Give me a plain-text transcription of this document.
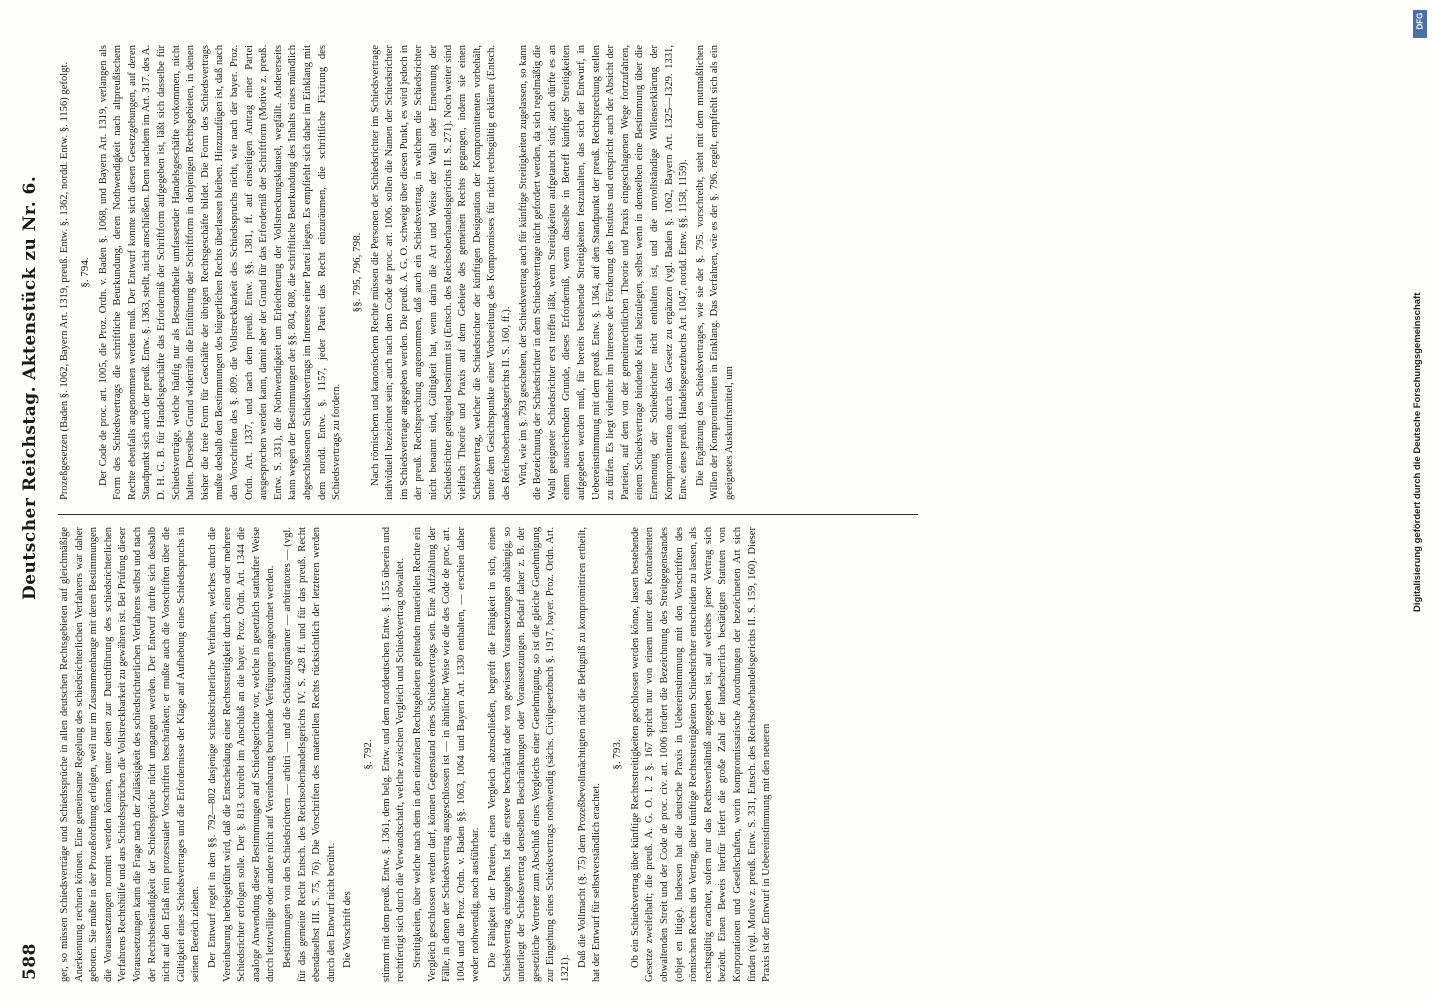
588
Deutscher Reichstag.
Aktenstück zu Nr. 6.

ger, so müssen Schiedsverträge und Schiedssprüche in allen deutschen Rechtsgebieten auf gleichmäßige Anerkennung rechnen können. Eine gemeinsame Regelung des schiedsrichterlichen Verfahrens war daher geboten. Sie mußte in der Prozeßordnung erfolgen, weil nur im Zusammenhange mit deren Bestimmungen die Voraussetzungen normirt werden können, unter denen zur Durchführung des schiedsrichterlichen Verfahrens Rechtshülfe und aus Schiedssprüchen die Vollstreckbarkeit zu gewähren ist. Bei Prüfung dieser Voraussetzungen kann die Frage nach der Zulässigkeit des schiedsrichterlichen Verfahrens selbst und nach der Rechtsbeständigkeit der Schiedssprüche nicht umgangen werden. Der Entwurf durfte sich deshalb nicht auf den Erlaß rein prozessualer Vorschriften beschränken; er mußte auch die Vorschriften über die Gültigkeit eines Schiedsvertrages und die Erfordernisse der Klage auf Aufhebung eines Schiedsspruchs in seinen Bereich ziehen. Der Entwurf regelt in den §§. 792—802 dasjenige schiedsrichterliche Verfahren, welches durch die Vereinbarung herbeigeführt wird, daß die Entscheidung einer Rechtsstreitigkeit durch einen oder mehrere Schiedsrichter erfolgen solle. Der §. 813 schreibt im Anschluß an die bayer. Proz. Ordn. Art. 1344 die analoge Anwendung dieser Bestimmungen auf Schiedsgerichte vor, welche in gesetzlich statthafter Weise durch letztwillige oder andere nicht auf Vereinbarung beruhende Verfügungen angeordnet werden. Bestimmungen von den Schiedsrichtern — arbitri — und die Schätzungmänner — arbitratores — (vgl. für das gemeine Recht Entsch. des Reichsoberhandelsgerichts IV. S. 428 ff. und für das preuß. Recht ebendaselbst III. S. 75, 76). Die Vorschriften des materiellen Rechts rücksichtlich der letzteren werden durch den Entwurf nicht berührt. Die Vorschrift des

§. 792. stimmt mit dem preuß. Entw. §. 1361, dem belg. Entw. und dem norddeutschen Entw. §. 1155 überein und rechtfertigt sich durch die Verwandtschaft, welche zwischen Vergleich und Schiedsvertrag obwaltet. Streitigkeiten, über welche nach dem in den einzelnen Rechtsgebieten geltenden materiellen Rechte ein Vergleich geschlossen werden darf, können Gegenstand eines Schiedsvertrags sein. Eine Aufzählung der Fälle, in denen der Schiedsvertrag ausgeschlossen ist — in ähnlicher Weise wie die des Code de proc. art. 1004 und die Proz. Ordn. v. Baden §§. 1063, 1064 und Bayern Art. 1330 enthalten, — erschien daher weder nothwendig, noch ausführbar. Die Fähigkeit der Parteien, einen Vergleich abzuschließen, begreift die Fähigkeit in sich, einen Schiedsvertrag einzugehen. Ist die ersteve beschränkt oder von gewissen Voraussetzungen abhängig, so unterliegt der Schiedsvertrag denselben Beschränkungen oder Voraussetzungen. Bedarf daher z. B. der gesetzliche Vertreter zum Abschluß eines Vergleichs einer Genehmigung, so ist die gleiche Genehmigung zur Eingehung eines Schiedsvertrags nothwendig (sächs. Civilgesetzbuch §. 1917, bayer. Proz. Ordn. Art. 1321).

Daß die Vollmacht (§. 75) dem Prozeßbevollmächtigten nicht die Befugniß zu kompromittiren ertheilt, hat der Entwurf für selbstverständlich erachtet.

§. 793. Ob ein Schiedsvertrag über künftige Rechtsstreitigkeiten geschlossen werden könne, lassen bestehende Gesetze zweifelhaft; die preuß. A. G. O. I. 2 §. 167 spricht nur von einem unter den Kontrahenten obwaltenden Streit und der Code de proc. civ. art. 1006 fordert die Bezeichnung des Streitgegenstandes (objet en litige). Indessen hat die deutsche Praxis in Uebereinstimmung mit den Vorschriften des römischen Rechts den Vertrag, über künftige Rechtsstreitigkeiten Schiedsrichter entscheiden zu lassen, als rechtsgültig erachtet, sofern nur das Rechtsverhältniß angegeben ist, auf welches jener Vertrag sich bezieht. Einen Beweis hierfür liefert die große Zahl der landesherrlich bestätigten Statuten von Korporationen und Gesellschaften, worin kompromissarische Anordnungen der bezeichneten Art sich finden (vgl. Motive z. preuß. Entw. S. 331, Entsch. des Reichsoberhandelsgerichts II. S. 159, 160). Dieser Praxis ist der Entwurf in Uebereinstimmung mit den neueren

Prozeßgesetzen (Baden §. 1062, Bayern Art. 1319, preuß. Entw. §. 1362, nordd. Entw. §. 1156) gefolgt. §. 794. Der Code de proc. art. 1005, die Proz. Ordn. v. Baden §. 1068, und Bayern Art. 1319, verlangen als Form des Schiedsvertrags die schriftliche Beurkundung, deren Nothwendigkeit nach altpreußischem Rechte ebenfalls angenommen werden muß. Der Entwurf konnte sich diesen Gesetzgebungen, auf deren Standpunkt sich auch der preuß. Entw. §. 1363, stellt, nicht anschließen. Denn nachdem im Art. 317. des A. D. H. G. B. für Handelsgeschäfte das Erforderniß der Schriftform aufgegeben ist, läßt sich dasselbe für Schiedsverträge, welche häufig nur als Bestandtheile umfassender Handelsgeschäfte vorkommen, nicht halten. Derselbe Grund widerräth die Einführung der Schriftform in denjenigen Rechtsgebieten, in denen bisher die freie Form für Geschäfte der übrigen Rechtsgeschäfte bildet. Die Form des Schiedsvertrags mußte deshalb den Bestimmungen des bürgerlichen Rechts überlassen bleiben. Hinzuzufügen ist, daß nach den Vorschriften des §. 809. die Vollstreckbarkeit des Schiedsspruchs nicht, wie nach der bayer. Proz. Ordn. Art. 1337, und nach dem preuß. Entw. §§. 1381, ff. auf einseitigen Antrag einer Partei ausgesprochen werden kann, damit aber der Grund für das Erforderniß der Schriftform (Motive z. preuß. Entw. S. 331), die Nothwendigkeit um Erleichterung der Vollstreckungsklausel, wegfällt. Andererseits kann wegen der Bestimmungen der §§. 804, 808, die schriftliche Beurkundung des Inhalts eines mündlich abgeschlossenen Schiedsvertrags im Interesse einer Partei liegen. Es empfiehlt sich daher im Einklang mit dem nordd. Entw. §. 1157, jeder Partei das Recht einzuräumen, die schriftliche Fixirung des Schiedsvertrags zu fordern.

§§. 795, 796, 798. Nach römischem und kanonischem Rechte müssen die Personen der Schiedsrichter im Schiedsvertrage individuell bezeichnet sein; auch nach dem Code de proc. art. 1006. sollen die Namen der Schiedsrichter im Schiedsvertrage angegeben werden. Die preuß. A. G. O. schweigt über diesen Punkt, es wird jedoch in der preuß. Rechtsprechung angenommen, daß auch ein Schiedsvertrag, in welchem die Schiedsrichter nicht benannt sind, Gültigkeit hat, wenn darin die Art und Weise der Wahl oder Ernennung der Schiedsrichter genügend bestimmt ist (Entsch. des Reichsoberhandelsgerichts II. S. 271). Noch weiter sind vielfach Theorie und Praxis auf dem Gebiete des gemeinen Rechts gegangen, indem sie einen Schiedsvertrag, welcher die Schiedsrichter der künftigen Designation der Kompromittenten vorbehält, unter dem Gesichtspunkte einer Vorbereitung des Kompromisses für nicht rechtsgültig erklären (Entsch. des Reichsoberhandelsgerichts II. S. 160, ff.). Wird, wie im §. 793 geschehen, der Schiedsvertrag auch für künftige Streitigkeiten zugelassen, so kann die Bezeichnung der Schiedsrichter in dem Schiedsvertrage nicht gefordert werden, da sich regelmäßig die Wahl geeigneter Schiedsrichter erst treffen läßt, wenn Streitigkeiten aufgetaucht sind; auch dürfte es an einem ausreichenden Grunde, dieses Erforderniß, wenn dasselbe in Betreff künftiger Streitigkeiten aufgegeben werden muß, für bereits bestehende Streitigkeiten festzuhalten, das sich der Entwurf, in Uebereinstimmung mit dem preuß. Entw. §. 1364, auf den Standpunkt der preuß. Rechtsprechung stellen zu dürfen. Es liegt vielmehr im Interesse der Förderung des Instituts und entspricht auch der Absicht der Parteien, auf dem von der gemeinrechtlichen Theorie und Praxis eingeschlagenen Wege fortzufahren, einem Schiedsvertrage bindende Kraft beizulegen, selbst wenn in demselben eine Bestimmung über die Ernennung der Schiedsrichter nicht enthalten ist, und die unvollständige Willenserklärung der Kompromittenten durch das Gesetz zu ergänzen (vgl. Baden §. 1062, Bayern Art. 1325—1329. 1331, Entw. eines preuß. Handelsgesetzbuchs Art. 1047, nordd. Entw. §§. 1158, 1159). Die Ergänzung des Schiedsvertrages, wie sie der §. 795. vorschreibt, steht mit dem mutmaßlichen Willen der Kompromittenten in Einklang. Das Verfahren, wie es der §. 796. regelt, empfiehlt sich als ein geeignetes Auskunftsmittel, um

DFG
Digitalisierung gefördert durch die Deutsche Forschungsgemeinschaft
